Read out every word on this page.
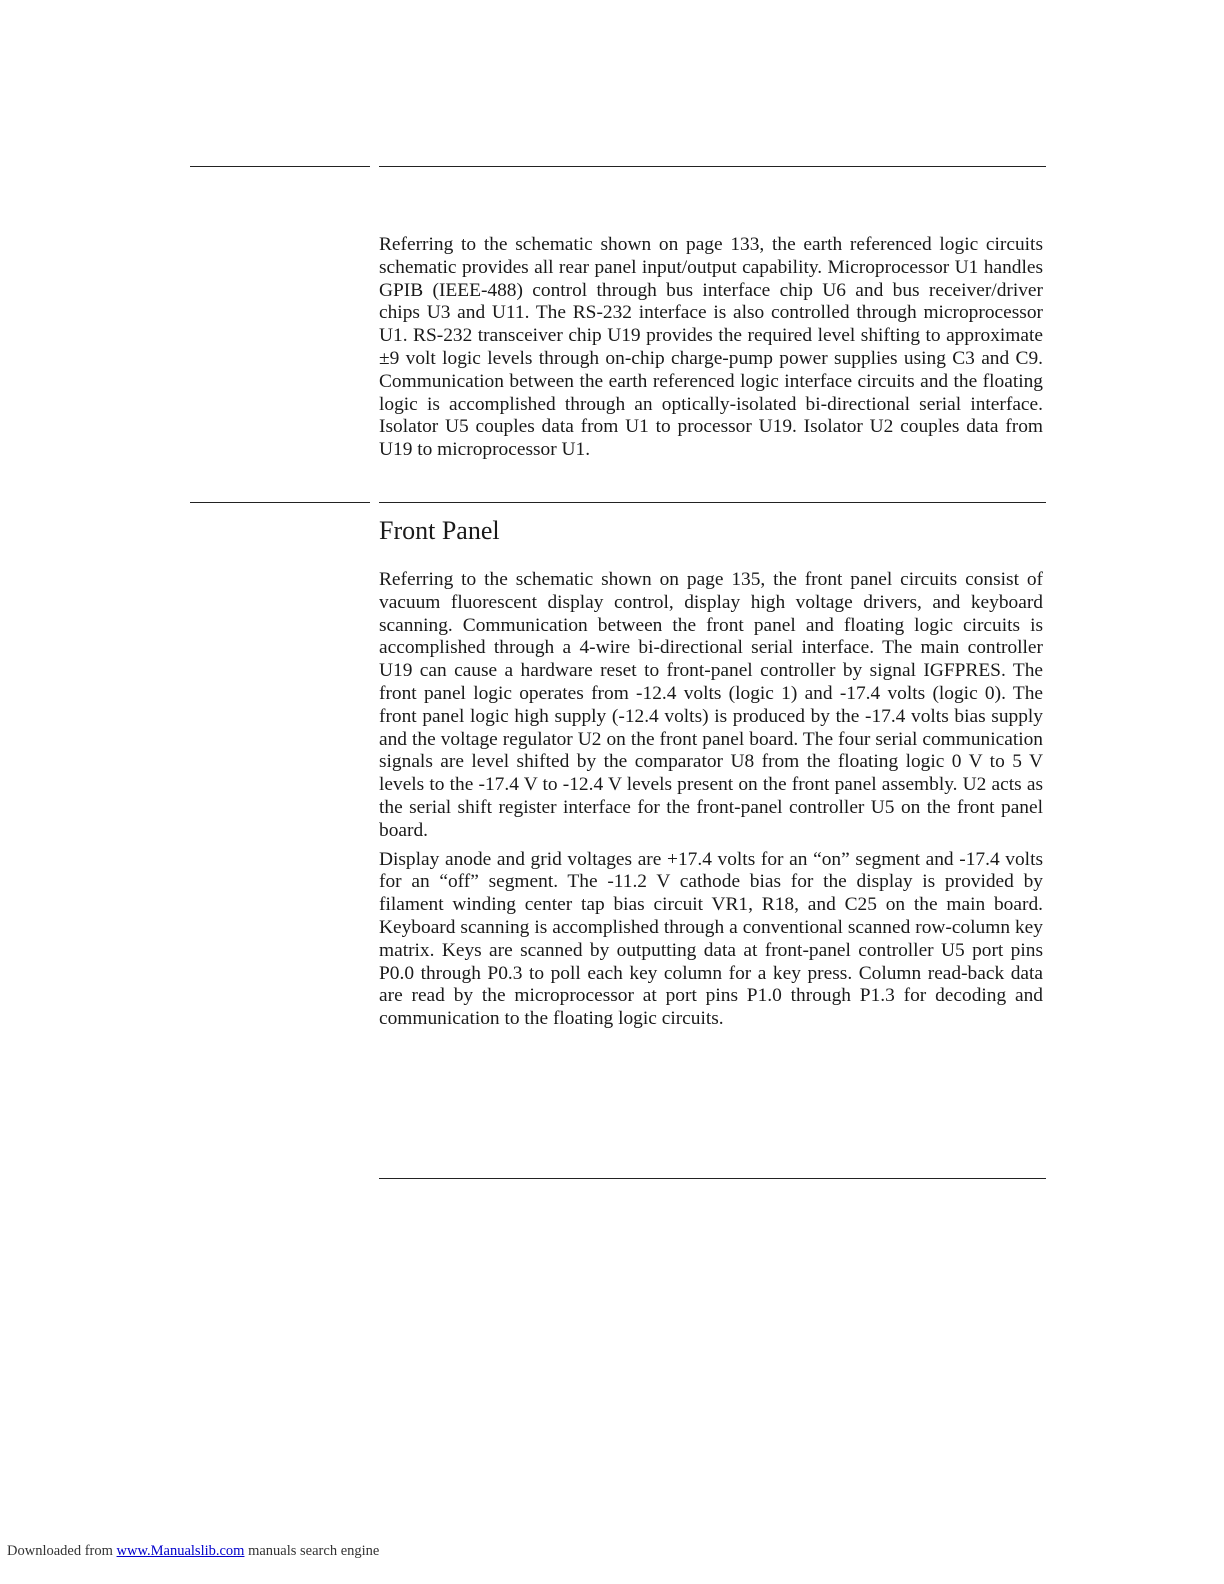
Referring to the schematic shown on page 133, the earth referenced logic circuits schematic provides all rear panel input/output capability. Microprocessor U1 handles GPIB (IEEE-488) control through bus interface chip U6 and bus receiver/driver chips U3 and U11. The RS-232 interface is also controlled through microprocessor U1. RS-232 transceiver chip U19 provides the required level shifting to approximate ±9 volt logic levels through on-chip charge-pump power supplies using C3 and C9. Communication between the earth referenced logic interface circuits and the floating logic is accomplished through an optically-isolated bi-directional serial interface. Isolator U5 couples data from U1 to processor U19. Isolator U2 couples data from U19 to microprocessor U1.

Front Panel

Referring to the schematic shown on page 135, the front panel circuits consist of vacuum fluorescent display control, display high voltage drivers, and keyboard scanning. Communication between the front panel and floating logic circuits is accomplished through a 4-wire bi-directional serial interface. The main controller U19 can cause a hardware reset to front-panel controller by signal IGFPRES. The front panel logic operates from -12.4 volts (logic 1) and -17.4 volts (logic 0). The front panel logic high supply (-12.4 volts) is produced by the -17.4 volts bias supply and the voltage regulator U2 on the front panel board. The four serial communication signals are level shifted by the comparator U8 from the floating logic 0 V to 5 V levels to the -17.4 V to -12.4 V levels present on the front panel assembly. U2 acts as the serial shift register interface for the front-panel controller U5 on the front panel board.

Display anode and grid voltages are +17.4 volts for an “on” segment and -17.4 volts for an “off” segment. The -11.2 V cathode bias for the display is provided by filament winding center tap bias circuit VR1, R18, and C25 on the main board. Keyboard scanning is accomplished through a conventional scanned row-column key matrix. Keys are scanned by outputting data at front-panel controller U5 port pins P0.0 through P0.3 to poll each key column for a key press. Column read-back data are read by the microprocessor at port pins P1.0 through P1.3 for decoding and communication to the floating logic circuits.

Downloaded from www.Manualslib.com manuals search engine
